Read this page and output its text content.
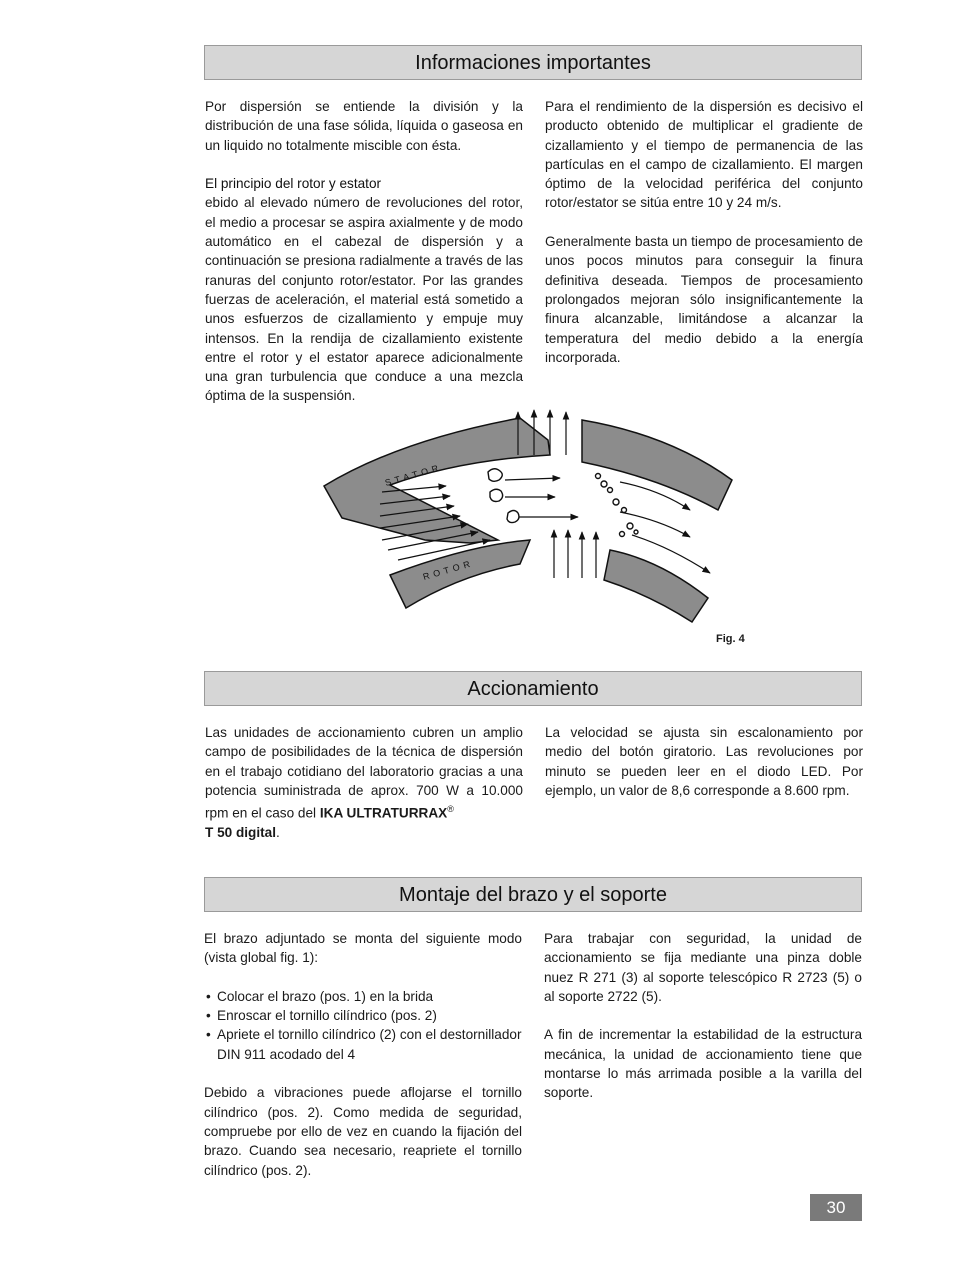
Informaciones importantes

Por dispersión se entiende la división y la distribución de una fase sólida, líquida o gaseosa en un liquido no totalmente miscible con ésta.

El principio del rotor y estator
ebido al elevado número de revoluciones del rotor, el medio a procesar se aspira axialmente y de modo automático en el cabezal de dispersión y a continuación se presiona radialmente a través de las ranuras del conjunto rotor/estator. Por las grandes fuerzas de aceleración, el material está sometido a unos esfuerzos de cizallamiento y empuje muy intensos. En la rendija de cizallamiento existente entre el rotor y el estator aparece adicionalmente una gran turbulencia que conduce a una mezcla óptima de la suspensión.

Para el rendimiento de la dispersión es decisivo el producto obtenido de multiplicar el gradiente de cizallamiento y el tiempo de permanencia de las partículas en el campo de cizallamiento. El margen óptimo de la velocidad periférica del conjunto rotor/estator se sitúa entre 10 y 24 m/s.

Generalmente basta un tiempo de procesamiento de unos pocos minutos para conseguir la finura definitiva deseada. Tiempos de procesamiento prolongados mejoran sólo insignificantemente la finura alcanzable, limitándose a alcanzar la temperatura del medio debido a la energía incorporada.

STATOR
ROTOR
Fig. 4
Accionamiento

Las unidades de accionamiento cubren un amplio campo de posibilidades de la técnica de dispersión en el trabajo cotidiano del laboratorio gracias a una potencia suministrada de aprox. 700 W a 10.000 rpm en el caso del IKA ULTRATURRAX®
T 50 digital.

La velocidad se ajusta sin escalonamiento por medio del botón giratorio. Las revoluciones por minuto se pueden leer en el diodo LED. Por ejemplo, un valor de 8,6 corresponde a 8.600 rpm.

Montaje del brazo y el soporte

El brazo adjuntado se monta del siguiente modo (vista global fig. 1):

• Colocar el brazo (pos. 1) en la brida
• Enroscar el tornillo cilíndrico (pos. 2)
• Apriete el tornillo cilíndrico (2) con el destornillador DIN 911 acodado del 4

Debido a vibraciones puede aflojarse el tornillo cilíndrico (pos. 2). Como medida de seguridad, compruebe por ello de vez en cuando la fijación del brazo. Cuando sea necesario, reapriete el tornillo cilíndrico (pos. 2).

Para trabajar con seguridad, la unidad de accionamiento se fija mediante una pinza doble nuez R 271 (3) al soporte telescópico R 2723 (5) o al soporte 2722 (5).

A fin de incrementar la estabilidad de la estructura mecánica, la unidad de accionamiento tiene que montarse lo más arrimada posible a la varilla del soporte.

30
